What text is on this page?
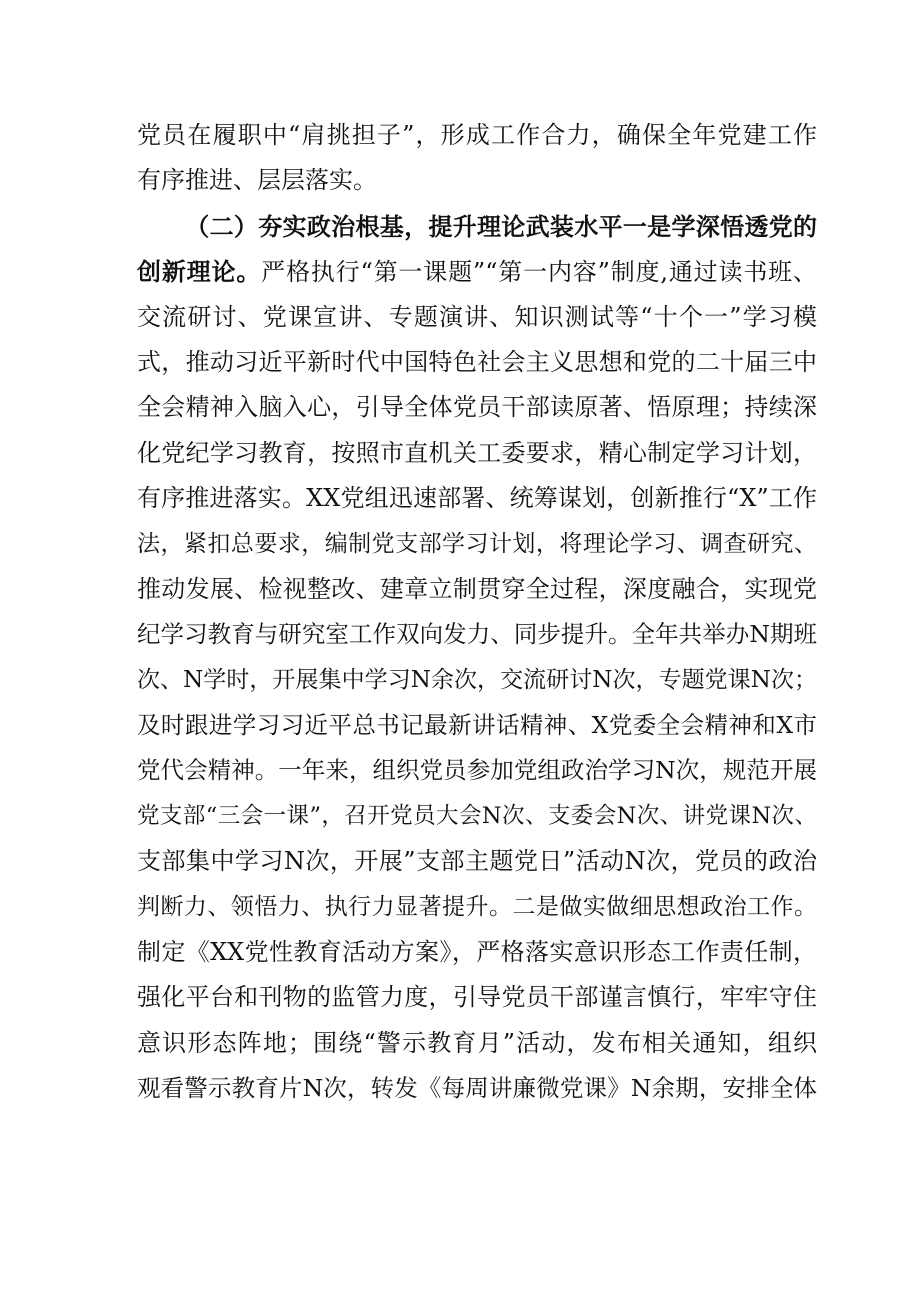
党员在履职中“肩挑担子”，形成工作合力，确保全年党建工作
有序推进、层层落实。
（二）夯实政治根基，提升理论武装水平一是学深悟透党的
创新理论。严格执行“第一课题”“第一内容”制度,通过读书班、
交流研讨、党课宣讲、专题演讲、知识测试等“十个一”学习模
式，推动习近平新时代中国特色社会主义思想和党的二十届三中
全会精神入脑入心，引导全体党员干部读原著、悟原理；持续深
化党纪学习教育，按照市直机关工委要求，精心制定学习计划，
有序推进落实。XX党组迅速部署、统筹谋划，创新推行“X”工作
法，紧扣总要求，编制党支部学习计划，将理论学习、调查研究、
推动发展、检视整改、建章立制贯穿全过程，深度融合，实现党
纪学习教育与研究室工作双向发力、同步提升。全年共举办N期班
次、N学时，开展集中学习N余次，交流研讨N次，专题党课N次；
及时跟进学习习近平总书记最新讲话精神、X党委全会精神和X市
党代会精神。一年来，组织党员参加党组政治学习N次，规范开展
党支部“三会一课”，召开党员大会N次、支委会N次、讲党课N次、
支部集中学习N次，开展”支部主题党日”活动N次，党员的政治
判断力、领悟力、执行力显著提升。二是做实做细思想政治工作。
制定《XX党性教育活动方案》，严格落实意识形态工作责任制，
强化平台和刊物的监管力度，引导党员干部谨言慎行，牢牢守住
意识形态阵地；围绕“警示教育月”活动，发布相关通知，组织
观看警示教育片N次，转发《每周讲廉微党课》N余期，安排全体
